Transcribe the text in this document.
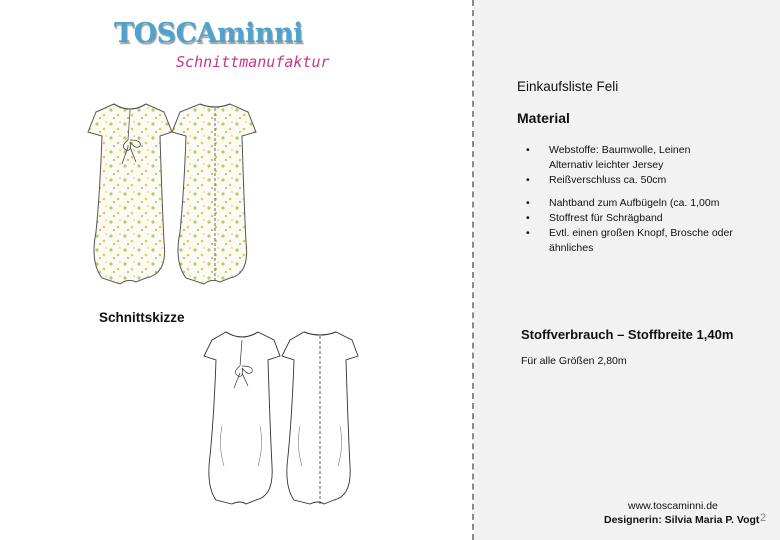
TOSCAminni
Schnittmanufaktur
Schnittskizze
Einkaufsliste Feli
Material
• Webstoffe: Baumwolle, Leinen
Alternativ leichter Jersey
• Reißverschluss ca. 50cm
• Nahtband zum Aufbügeln (ca. 1,00m
• Stoffrest für Schrägband
• Evtl. einen großen Knopf, Brosche oder
ähnliches
Stoffverbrauch – Stoffbreite 1,40m
Für alle Größen 2,80m
www.toscaminni.de
Designerin: Silvia Maria P. Vogt 2
